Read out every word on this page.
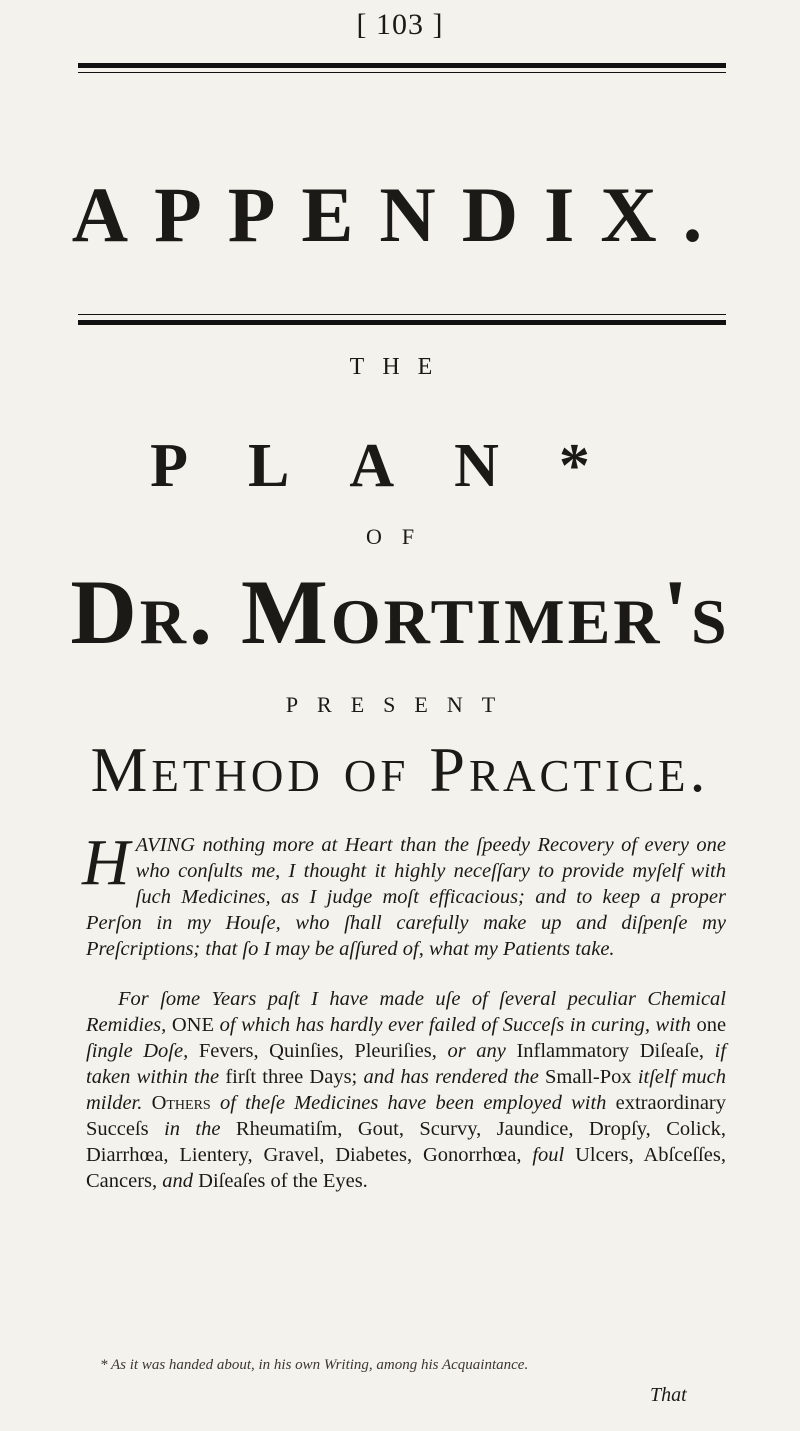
[ 103 ]
APPENDIX.
THE
PLAN*
OF
Dr. Mortimer's
PRESENT
Method of Practice.
HAVING nothing more at Heart than the ſpeedy Recovery of every one who conſults me, I thought it highly neceſſary to provide myſelf with ſuch Medicines, as I judge moſt efficacious; and to keep a proper Perſon in my Houſe, who ſhall carefully make up and diſpenſe my Preſcriptions; that ſo I may be aſſured of, what my Patients take.
For ſome Years paſt I have made uſe of ſeveral peculiar Chemical Remidies, ONE of which has hardly ever failed of Succeſs in curing, with one ſingle Doſe, Fevers, Quinſies, Pleuriſies, or any Inflammatory Diſeaſe, if taken within the firſt three Days; and has rendered the Small-Pox itſelf much milder. Others of theſe Medicines have been employed with extraordinary Succeſs in the Rheumatiſm, Gout, Scurvy, Jaundice, Dropſy, Colick, Diarrhœa, Lientery, Gravel, Diabetes, Gonorrhœa, foul Ulcers, Abſceſſes, Cancers, and Diſeaſes of the Eyes.
* As it was handed about, in his own Writing, among his Acquaintance.
That
